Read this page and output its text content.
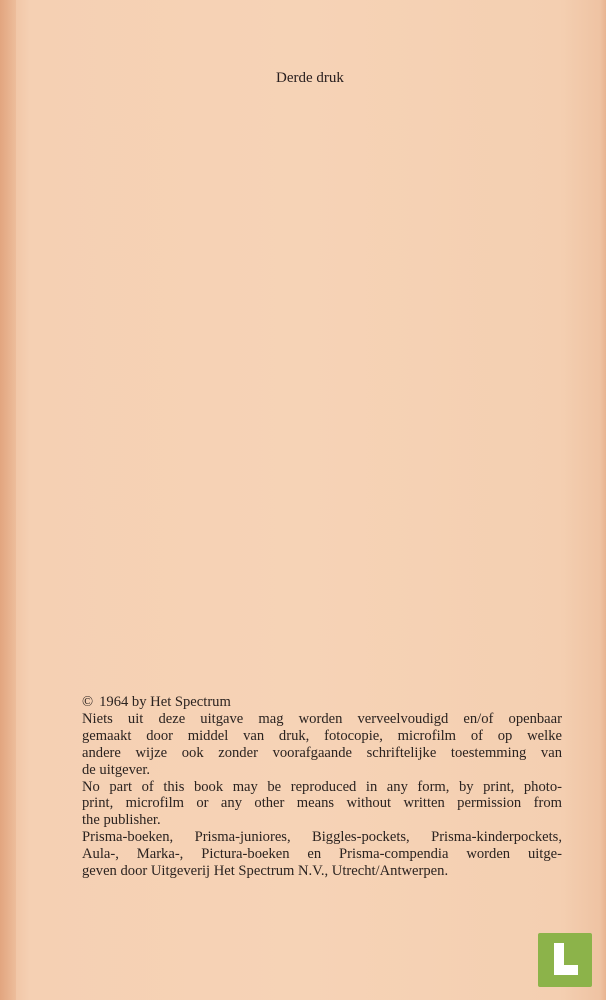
Derde druk
© 1964 by Het Spectrum
Niets uit deze uitgave mag worden verveelvoudigd en/of openbaar
gemaakt door middel van druk, fotocopie, microfilm of op welke
andere wijze ook zonder voorafgaande schriftelijke toestemming van
de uitgever.
No part of this book may be reproduced in any form, by print, photo-
print, microfilm or any other means without written permission from
the publisher.
Prisma-boeken, Prisma-juniores, Biggles-pockets, Prisma-kinderpockets,
Aula-, Marka-, Pictura-boeken en Prisma-compendia worden uitge-
geven door Uitgeverij Het Spectrum N.V., Utrecht/Antwerpen.
